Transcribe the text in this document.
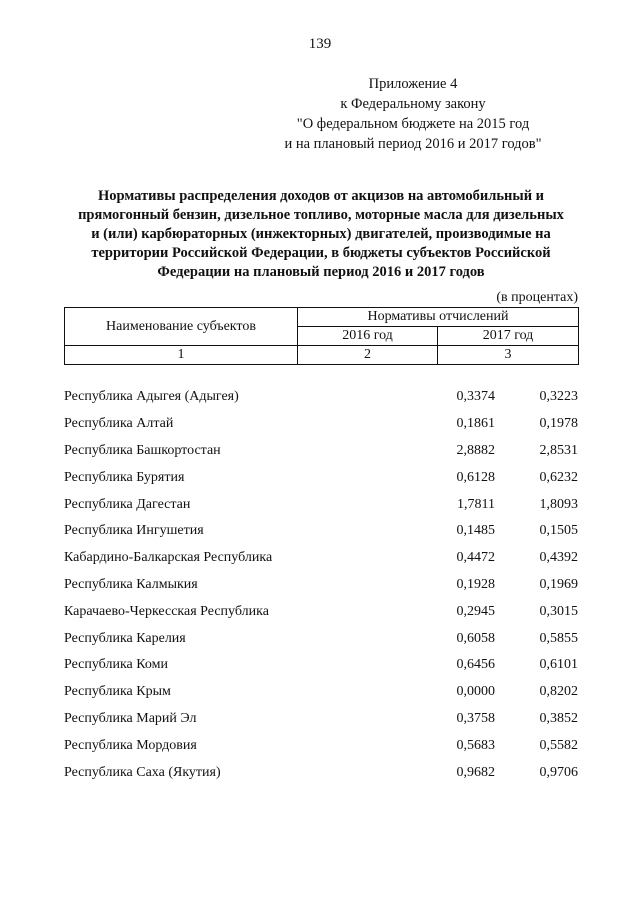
139
Приложение 4
к Федеральному закону
"О федеральном бюджете на 2015 год
и на плановый период 2016 и 2017 годов"
Нормативы распределения доходов от акцизов на автомобильный и
прямогонный бензин, дизельное топливо, моторные масла для дизельных
и (или) карбюраторных (инжекторных) двигателей, производимые на
территории Российской Федерации, в бюджеты субъектов Российской
Федерации на плановый период 2016 и 2017 годов
(в процентах)
Наименование субъектов	Нормативы отчислений	
	2016 год	2017 год
1	2	3
Республика Адыгея (Адыгея)	0,3374	0,3223
Республика Алтай	0,1861	0,1978
Республика Башкортостан	2,8882	2,8531
Республика Бурятия	0,6128	0,6232
Республика Дагестан	1,7811	1,8093
Республика Ингушетия	0,1485	0,1505
Кабардино-Балкарская Республика	0,4472	0,4392
Республика Калмыкия	0,1928	0,1969
Карачаево-Черкесская Республика	0,2945	0,3015
Республика Карелия	0,6058	0,5855
Республика Коми	0,6456	0,6101
Республика Крым	0,0000	0,8202
Республика Марий Эл	0,3758	0,3852
Республика Мордовия	0,5683	0,5582
Республика Саха (Якутия)	0,9682	0,9706
